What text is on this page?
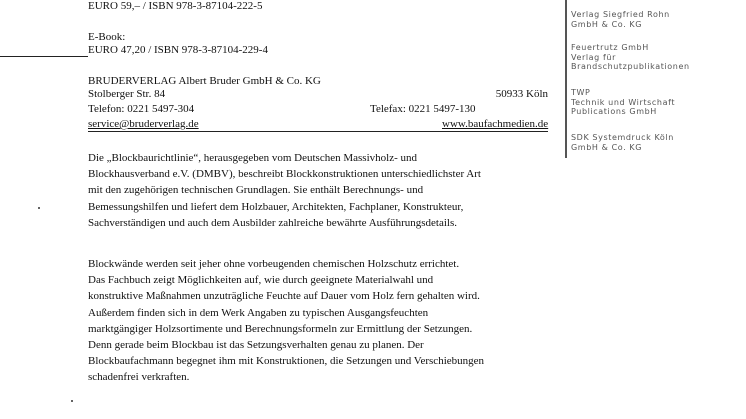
EURO 59,– / ISBN 978-3-87104-222-5
E-Book:
EURO 47,20 / ISBN 978-3-87104-229-4
BRUDERVERLAG Albert Bruder GmbH & Co. KG
Stolberger Str. 84	50933 Köln
Telefon: 0221 5497-304	Telefax: 0221 5497-130
service@bruderverlag.de	www.baufachmedien.de
Die „Blockbaurichtlinie“, herausgegeben vom Deutschen Massivholz- und
Blockhausverband e.V. (DMBV), beschreibt Blockkonstruktionen unterschiedlichster Art
mit den zugehörigen technischen Grundlagen. Sie enthält Berechnungs- und
Bemessungshilfen und liefert dem Holzbauer, Architekten, Fachplaner, Konstrukteur,
Sachverständigen und auch dem Ausbilder zahlreiche bewährte Ausführungsdetails.
Blockwände werden seit jeher ohne vorbeugenden chemischen Holzschutz errichtet.
Das Fachbuch zeigt Möglichkeiten auf, wie durch geeignete Materialwahl und
konstruktive Maßnahmen unzuträgliche Feuchte auf Dauer vom Holz fern gehalten wird.
Außerdem finden sich in dem Werk Angaben zu typischen Ausgangsfeuchten
marktgängiger Holzsortimente und Berechnungsformeln zur Ermittlung der Setzungen.
Denn gerade beim Blockbau ist das Setzungsverhalten genau zu planen. Der
Blockbaufachmann begegnet ihm mit Konstruktionen, die Setzungen und Verschiebungen
schadenfrei verkraften.
Verlag Siegfried Rohn
GmbH & Co. KG
Feuertrutz GmbH
Verlag für
Brandschutzpublikationen
TWP
Technik und Wirtschaft
Publications GmbH
SDK Systemdruck Köln
GmbH & Co. KG
